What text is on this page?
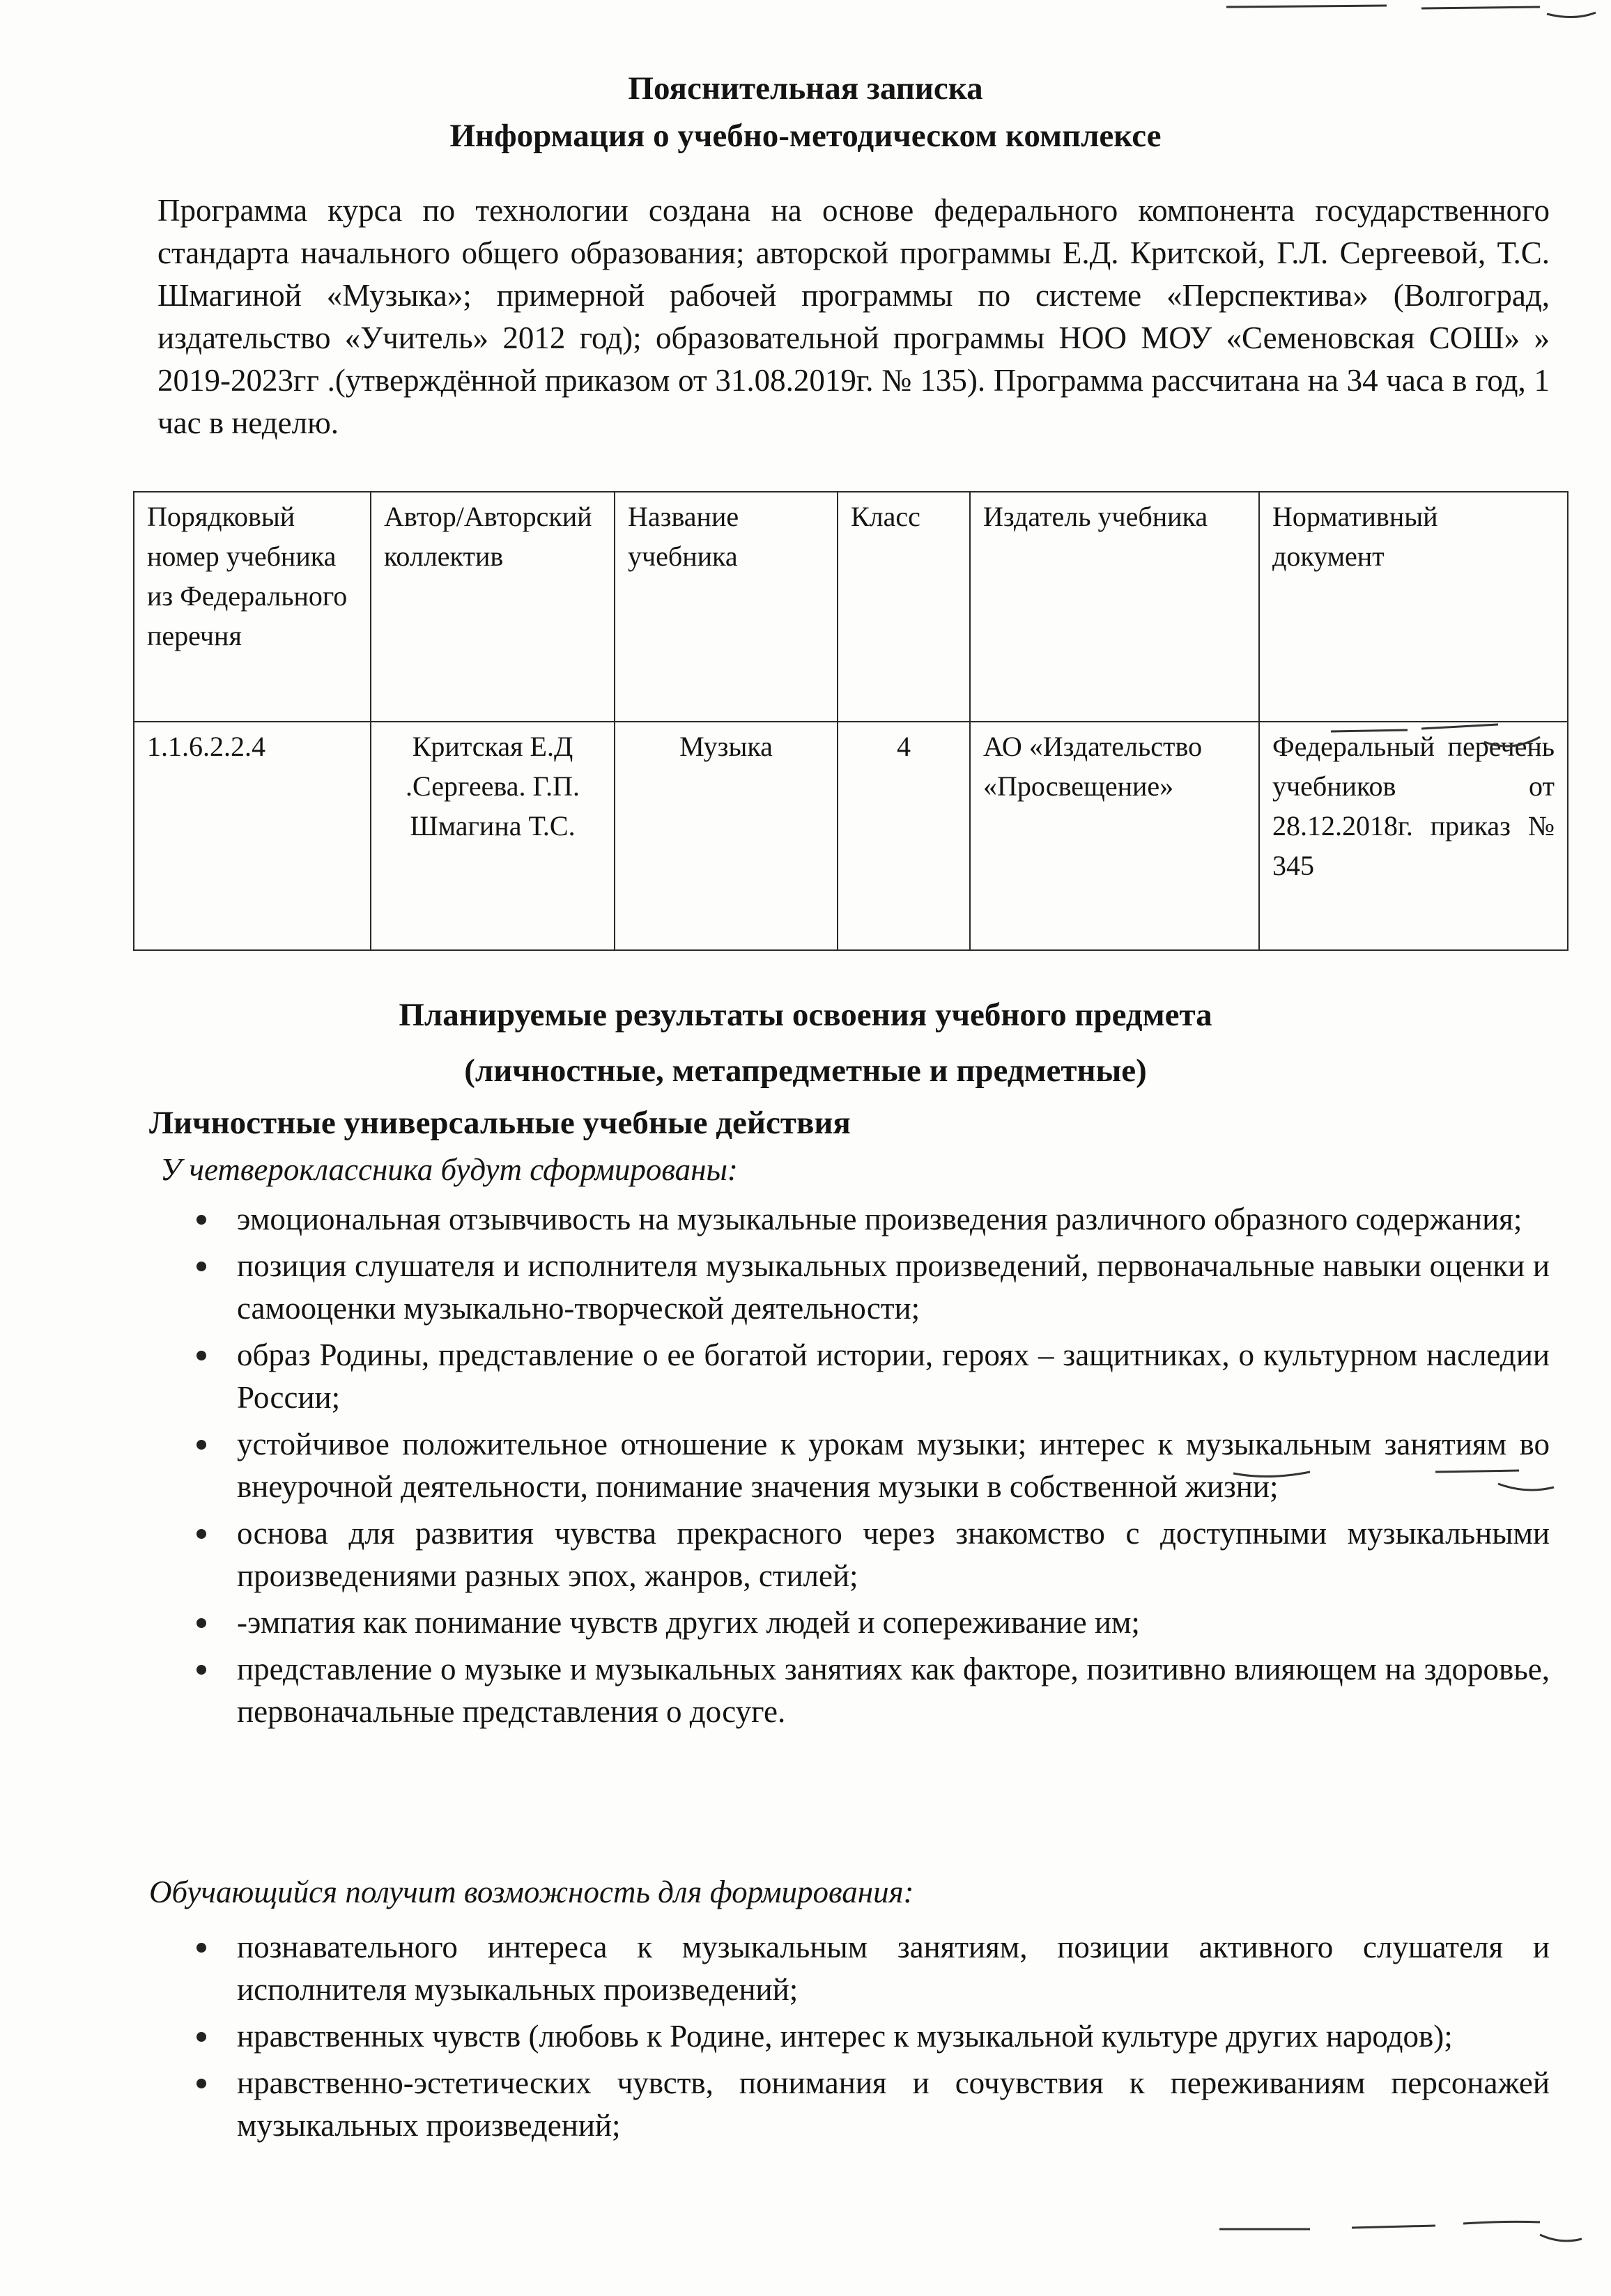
Пояснительная записка
Информация о учебно-методическом комплексе

Программа курса по технологии создана на основе федерального компонента государственного стандарта начального общего образования; авторской программы Е.Д. Критской, Г.Л. Сергеевой, Т.С. Шмагиной «Музыка»; примерной рабочей программы по системе «Перспектива» (Волгоград, издательство «Учитель» 2012 год); образовательной программы НОО МОУ «Семеновская СОШ» » 2019-2023гг .(утверждённой приказом от 31.08.2019г. № 135). Программа рассчитана на 34 часа в год, 1 час в неделю.

Порядковый номер учебника из Федерального перечня	Автор/Авторский коллектив	Название учебника	Класс	Издатель учебника	Нормативный документ
1.1.6.2.2.4	Критская Е.Д .Сергеева. Г.П. Шмагина Т.С.	Музыка	4	АО «Издательство «Просвещение»	Федеральный перечень учебников от 28.12.2018г. приказ № 345
Планируемые результаты освоения учебного предмета
(личностные, метапредметные и предметные)
Личностные универсальные учебные действия
У четвероклассника будут сформированы:
эмоциональная отзывчивость на музыкальные произведения различного образного содержания;
позиция слушателя и исполнителя музыкальных произведений, первоначальные навыки оценки и самооценки музыкально-творческой деятельности;
образ Родины, представление о ее богатой истории, героях – защитниках, о культурном наследии России;
устойчивое положительное отношение к урокам музыки; интерес к музыкальным занятиям во внеурочной деятельности, понимание значения музыки в собственной жизни;
основа для развития чувства прекрасного через знакомство с доступными музыкальными произведениями разных эпох, жанров, стилей;
-эмпатия как понимание чувств других людей и сопереживание им;
представление о музыке и музыкальных занятиях как факторе, позитивно влияющем на здоровье, первоначальные представления о досуге.
Обучающийся получит возможность для формирования:
познавательного интереса к музыкальным занятиям, позиции активного слушателя и исполнителя музыкальных произведений;
нравственных чувств (любовь к Родине, интерес к музыкальной культуре других народов);
нравственно-эстетических чувств, понимания и сочувствия к переживаниям персонажей музыкальных произведений;
